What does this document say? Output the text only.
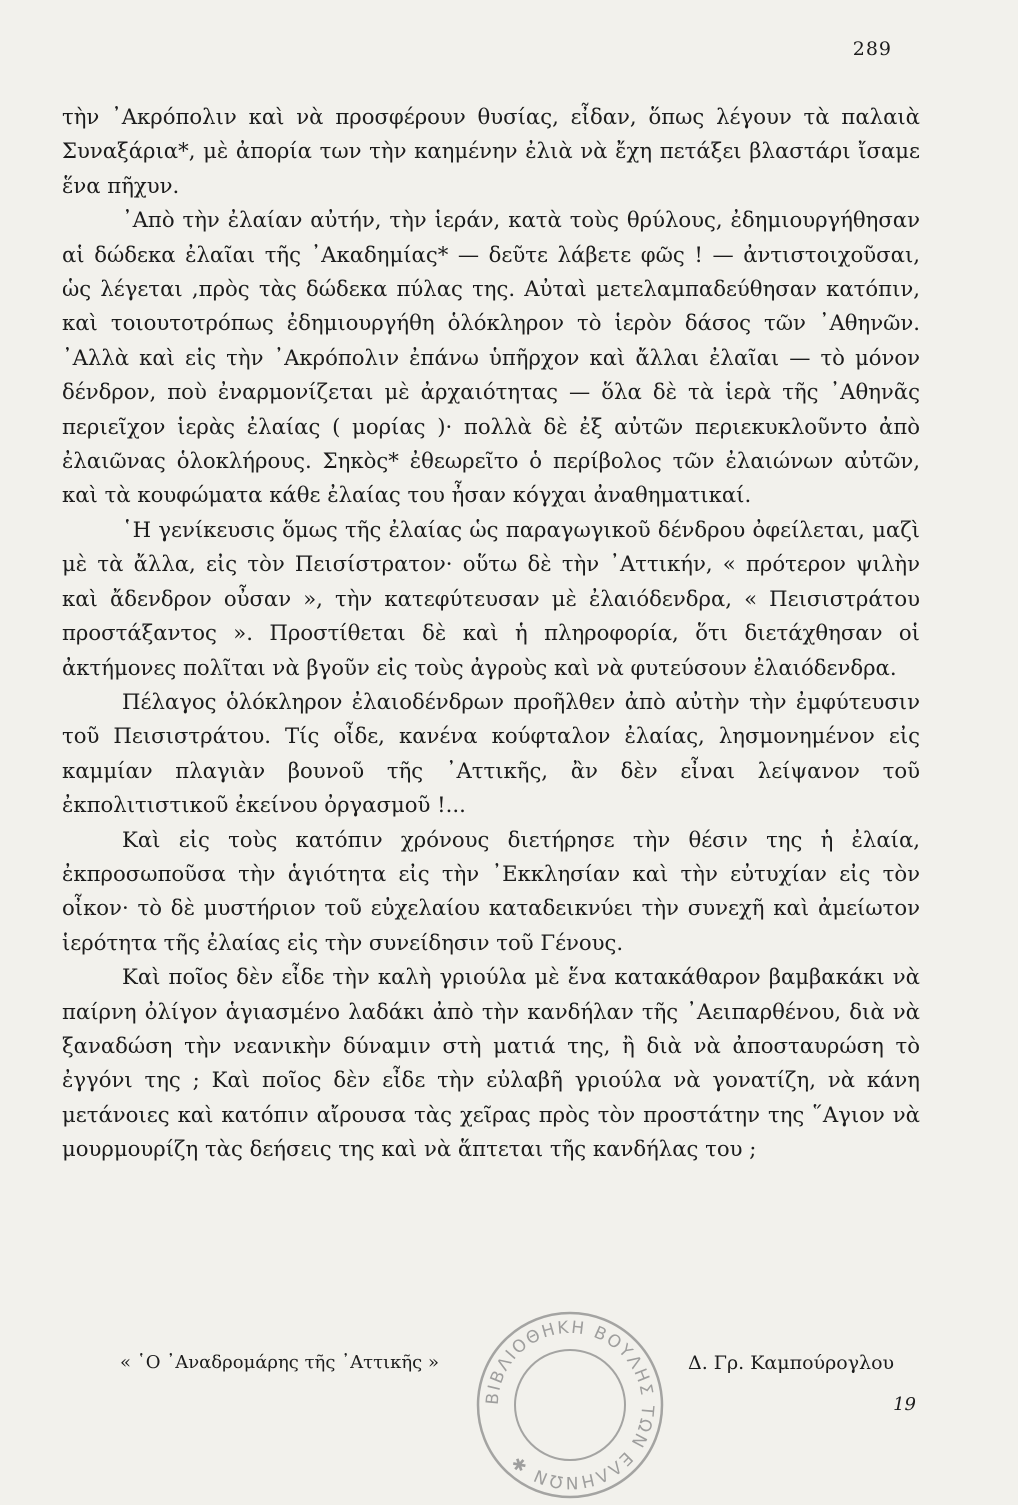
289

τὴν ᾿Ακρόπολιν καὶ νὰ προσφέρουν θυσίας, εἶδαν, ὅπως λέγουν τὰ παλαιὰ Συναξάρια*, μὲ ἀπορία των τὴν καημένην ἐλιὰ νὰ ἔχη πετάξει βλαστάρι ἴσαμε ἕνα πῆχυν.

᾿Απὸ τὴν ἐλαίαν αὐτήν, τὴν ἱεράν, κατὰ τοὺς θρύλους, ἐδημιουργήθησαν αἱ δώδεκα ἐλαῖαι τῆς ᾿Ακαδημίας* — δεῦτε λάβετε φῶς ! — ἀντιστοιχοῦσαι, ὡς λέγεται ,πρὸς τὰς δώδεκα πύλας της. Αὐταὶ μετελαμπαδεύθησαν κατόπιν, καὶ τοιουτοτρόπως ἐδημιουργήθη ὁλόκληρον τὸ ἱερὸν δάσος τῶν ᾿Αθηνῶν. ᾿Αλλὰ καὶ εἰς τὴν ᾿Ακρόπολιν ἐπάνω ὑπῆρχον καὶ ἄλλαι ἐλαῖαι — τὸ μόνον δένδρον, ποὺ ἐναρμονίζεται μὲ ἀρχαιότητας — ὅλα δὲ τὰ ἱερὰ τῆς ᾿Αθηνᾶς περιεῖχον ἱερὰς ἐλαίας ( μορίας )· πολλὰ δὲ ἐξ αὐτῶν περιεκυκλοῦντο ἀπὸ ἐλαιῶνας ὁλοκλήρους. Σηκὸς* ἐθεωρεῖτο ὁ περίβολος τῶν ἐλαιώνων αὐτῶν, καὶ τὰ κουφώματα κάθε ἐλαίας του ἦσαν κόγχαι ἀναθηματικαί.

῾Η γενίκευσις ὅμως τῆς ἐλαίας ὡς παραγωγικοῦ δένδρου ὀφείλεται, μαζὶ μὲ τὰ ἄλλα, εἰς τὸν Πεισίστρατον· οὕτω δὲ τὴν ᾿Αττικήν, « πρότερον ψιλὴν καὶ ἄδενδρον οὖσαν », τὴν κατεφύτευσαν μὲ ἐλαιόδενδρα, « Πεισιστράτου προστάξαντος ». Προστίθεται δὲ καὶ ἡ πληροφορία, ὅτι διετάχθησαν οἱ ἀκτήμονες πολῖται νὰ βγοῦν εἰς τοὺς ἀγροὺς καὶ νὰ φυτεύσουν ἐλαιόδενδρα.

Πέλαγος ὁλόκληρον ἐλαιοδένδρων προῆλθεν ἀπὸ αὐτὴν τὴν ἐμφύτευσιν τοῦ Πεισιστράτου. Τίς οἶδε, κανένα κούφταλον ἐλαίας, λησμονημένον εἰς καμμίαν πλαγιὰν βουνοῦ τῆς ᾿Αττικῆς, ἂν δὲν εἶναι λείψανον τοῦ ἐκπολιτιστικοῦ ἐκείνου ὀργασμοῦ !...

Καὶ εἰς τοὺς κατόπιν χρόνους διετήρησε τὴν θέσιν της ἡ ἐλαία, ἐκπροσωποῦσα τὴν ἁγιότητα εἰς τὴν ᾿Εκκλησίαν καὶ τὴν εὐτυχίαν εἰς τὸν οἶκον· τὸ δὲ μυστήριον τοῦ εὐχελαίου καταδεικνύει τὴν συνεχῆ καὶ ἀμείωτον ἱερότητα τῆς ἐλαίας εἰς τὴν συνείδησιν τοῦ Γένους.

Καὶ ποῖος δὲν εἶδε τὴν καλὴ γριούλα μὲ ἕνα κατακάθαρον βαμβακάκι νὰ παίρνη ὀλίγον ἁγιασμένο λαδάκι ἀπὸ τὴν κανδήλαν τῆς ᾿Αειπαρθένου, διὰ νὰ ξαναδώση τὴν νεανικὴν δύναμιν στὴ ματιά της, ἢ διὰ νὰ ἀποσταυρώση τὸ ἐγγόνι της ; Καὶ ποῖος δὲν εἶδε τὴν εὐλαβῆ γριούλα νὰ γονατίζη, νὰ κάνη μετάνοιες καὶ κατόπιν αἴρουσα τὰς χεῖρας πρὸς τὸν προστάτην της ῞Αγιον νὰ μουρμουρίζη τὰς δεήσεις της καὶ νὰ ἅπτεται τῆς κανδήλας του ;

« ῾Ο ᾿Αναδρομάρης τῆς ᾿Αττικῆς »	Δ. Γρ. Καμπούρογλου
19
ΒΙΒΛΙΟΘΗΚΗ ΒΟΥΛΗΣ ΤΩΝ ΕΛΛΗΝΩΝ ✱
